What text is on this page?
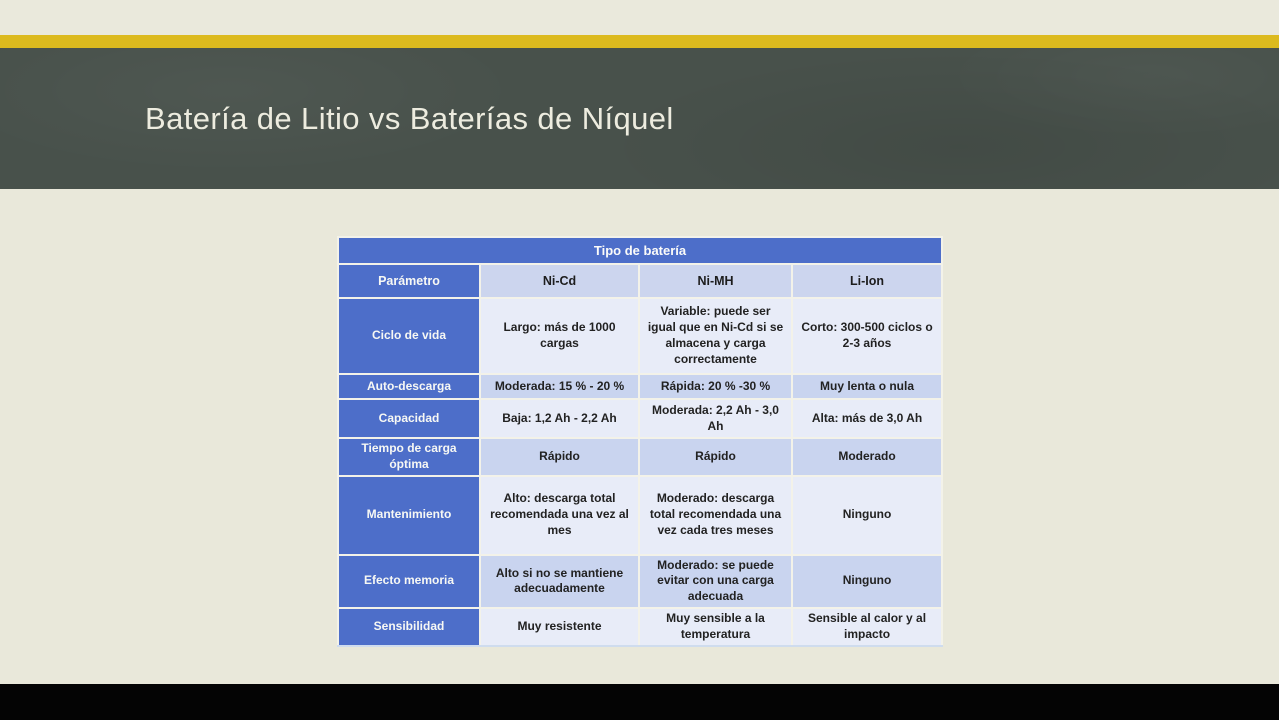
Batería de Litio vs Baterías de Níquel
Tipo de batería			
Parámetro	Ni-Cd	Ni-MH	Li-Ion
Ciclo de vida	Largo: más de 1000 cargas	Variable: puede ser igual que en Ni-Cd si se almacena y carga correctamente	Corto: 300-500 ciclos o 2-3 años
Auto-descarga	Moderada: 15 % - 20 %	Rápida: 20 % -30 %	Muy lenta o nula
Capacidad	Baja: 1,2 Ah - 2,2 Ah	Moderada: 2,2 Ah - 3,0 Ah	Alta: más de 3,0 Ah
Tiempo de carga óptima	Rápido	Rápido	Moderado
Mantenimiento	Alto: descarga total recomendada una vez al mes	Moderado: descarga total recomendada una vez cada tres meses	Ninguno
Efecto memoria	Alto si no se mantiene adecuadamente	Moderado: se puede evitar con una carga adecuada	Ninguno
Sensibilidad	Muy resistente	Muy sensible a la temperatura	Sensible al calor y al impacto
